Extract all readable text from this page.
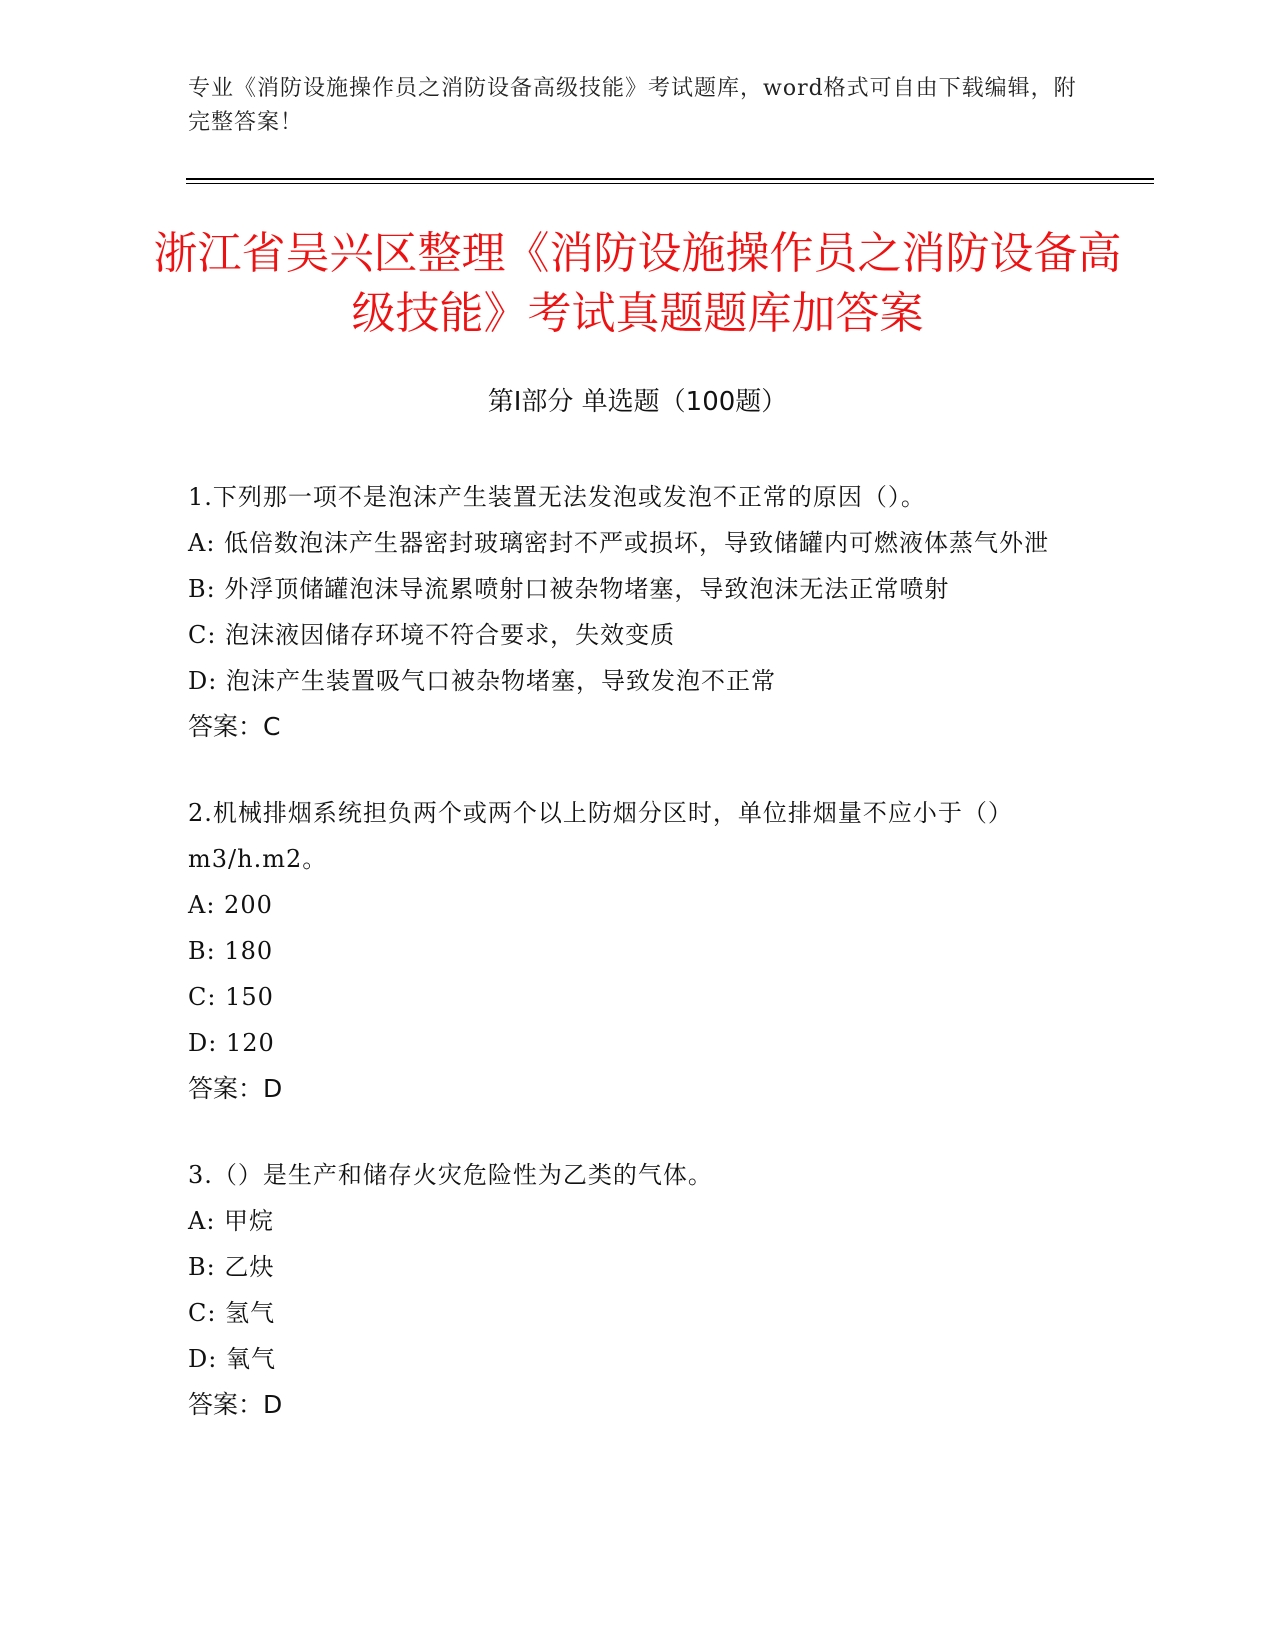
专业《消防设施操作员之消防设备高级技能》考试题库，word格式可自由下载编辑，附完整答案！
浙江省吴兴区整理《消防设施操作员之消防设备高级技能》考试真题题库加答案
第Ⅰ部分 单选题（100题）

1.下列那一项不是泡沫产生装置无法发泡或发泡不正常的原因（）。

A: 低倍数泡沫产生器密封玻璃密封不严或损坏，导致储罐内可燃液体蒸气外泄

B: 外浮顶储罐泡沫导流累喷射口被杂物堵塞，导致泡沫无法正常喷射

C: 泡沫液因储存环境不符合要求，失效变质

D: 泡沫产生装置吸气口被杂物堵塞，导致发泡不正常

答案：C

2.机械排烟系统担负两个或两个以上防烟分区时，单位排烟量不应小于（）m3/h.m2。

A: 200

B: 180

C: 150

D: 120

答案：D

3.（）是生产和储存火灾危险性为乙类的气体。

A: 甲烷

B: 乙炔

C: 氢气

D: 氧气

答案：D
